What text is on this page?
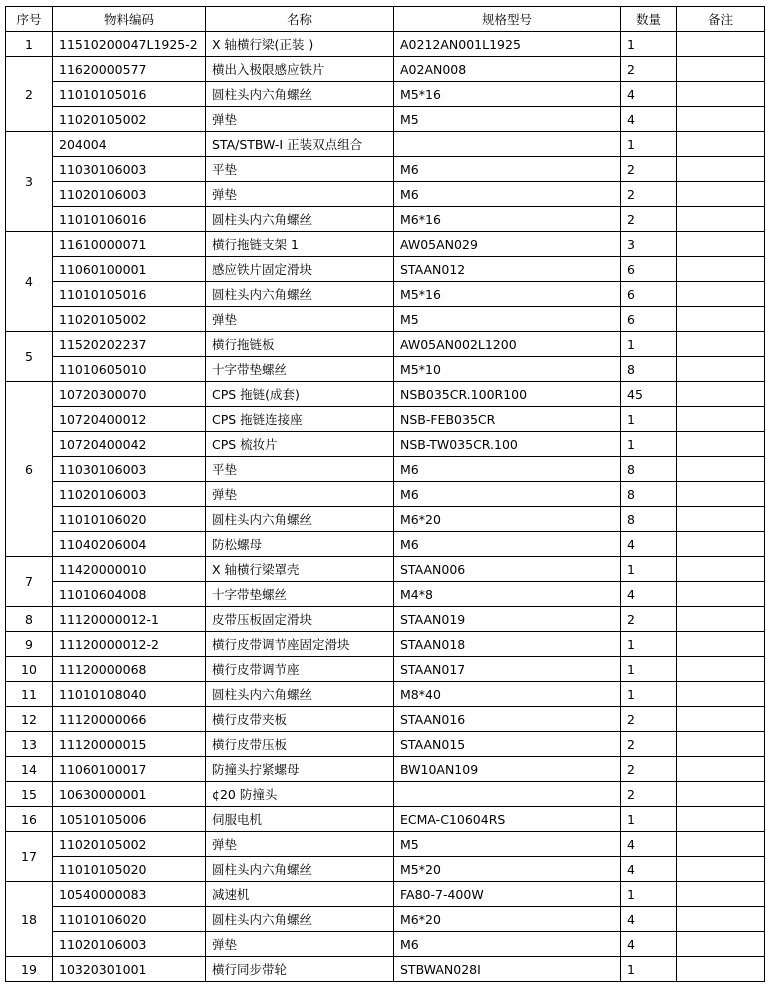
序号	物料编码	名称	规格型号	数量	备注
1	11510200047L1925-2	X 轴横行梁(正装 )	A0212AN001L1925	1	
2	11620000577	横出入极限感应铁片	A02AN008	2	
	11010105016	圆柱头内六角螺丝	M5*16	4	
	11020105002	弹垫	M5	4	
3	204004	STA/STBW-I 正装双点组合		1	
	11030106003	平垫	M6	2	
	11020106003	弹垫	M6	2	
	11010106016	圆柱头内六角螺丝	M6*16	2	
4	11610000071	横行拖链支架 1	AW05AN029	3	
	11060100001	感应铁片固定滑块	STAAN012	6	
	11010105016	圆柱头内六角螺丝	M5*16	6	
	11020105002	弹垫	M5	6	
5	11520202237	横行拖链板	AW05AN002L1200	1	
	11010605010	十字带垫螺丝	M5*10	8	
6	10720300070	CPS 拖链(成套)	NSB035CR.100R100	45	
	10720400012	CPS 拖链连接座	NSB-FEB035CR	1	
	10720400042	CPS 梳妆片	NSB-TW035CR.100	1	
	11030106003	平垫	M6	8	
	11020106003	弹垫	M6	8	
	11010106020	圆柱头内六角螺丝	M6*20	8	
	11040206004	防松螺母	M6	4	
7	11420000010	X 轴横行梁罩壳	STAAN006	1	
	11010604008	十字带垫螺丝	M4*8	4	
8	11120000012-1	皮带压板固定滑块	STAAN019	2	
9	11120000012-2	横行皮带调节座固定滑块	STAAN018	1	
10	11120000068	横行皮带调节座	STAAN017	1	
11	11010108040	圆柱头内六角螺丝	M8*40	1	
12	11120000066	横行皮带夹板	STAAN016	2	
13	11120000015	横行皮带压板	STAAN015	2	
14	11060100017	防撞头拧紧螺母	BW10AN109	2	
15	10630000001	¢20 防撞头		2	
16	10510105006	伺服电机	ECMA-C10604RS	1	
17	11020105002	弹垫	M5	4	
	11010105020	圆柱头内六角螺丝	M5*20	4	
18	10540000083	减速机	FA80-7-400W	1	
	11010106020	圆柱头内六角螺丝	M6*20	4	
	11020106003	弹垫	M6	4	
19	10320301001	横行同步带轮	STBWAN028I	1	
